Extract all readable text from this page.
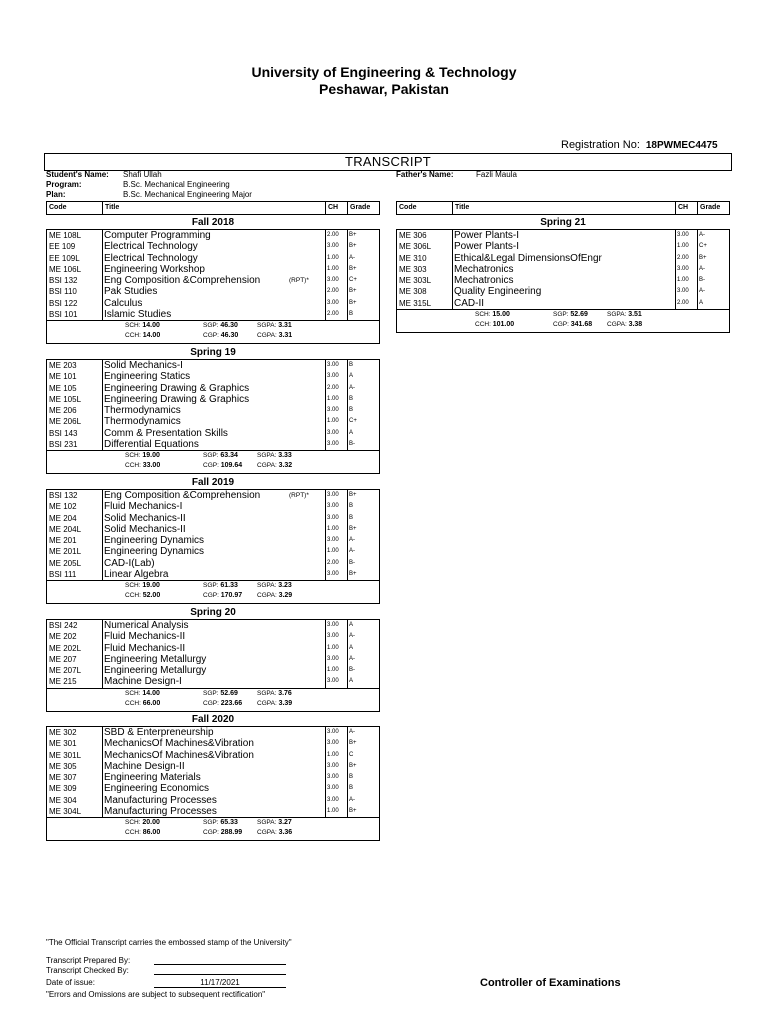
University of Engineering & Technology
Peshawar, Pakistan
Registration No: 18PWMEC4475
TRANSCRIPT
Student's Name: Shafi Ullah
Program:	B.Sc. Mechanical Engineering
Plan:	B.Sc. Mechanical Engineering Major
Father's Name:	Fazli Maula
Code	Title	CH	Grade	Code	Title	CH	Grade
Fall 2018
ME 108L Computer Programming	2.00 B+
EE 109	Electrical Technology	3.00 B+
EE 109L Electrical Technology	1.00 A-
ME 106L Engineering Workshop	1.00 B+
BSI 132	Eng Composition &Comprehension	(RPT)*	3.00 C+
BSI 110	Pak Studies	2.00 B+
BSI 122	Calculus	3.00 B+
BSI 101	Islamic Studies	2.00 B
SCH: 14.00	SGP: 46.30	SGPA: 3.31
CCH: 14.00	CGP: 46.30	CGPA: 3.31
Spring 19
ME 203	Solid Mechanics-I	3.00 B
ME 101	Engineering Statics	3.00 A
ME 105	Engineering Drawing & Graphics	2.00 A-
ME 105L Engineering Drawing & Graphics	1.00 B
ME 206	Thermodynamics	3.00 B
ME 206L Thermodynamics	1.00 C+
BSI 143	Comm & Presentation Skills	3.00 A
BSI 231	Differential Equations	3.00 B-
SCH: 19.00	SGP: 63.34	SGPA: 3.33
CCH: 33.00	CGP: 109.64 CGPA: 3.32
Fall 2019
BSI 132	Eng Composition &Comprehension	(RPT)*	3.00 B+
ME 102	Fluid Mechanics-I	3.00 B
ME 204	Solid Mechanics-II	3.00 B
ME 204L Solid Mechanics-II	1.00 B+
ME 201	Engineering Dynamics	3.00 A-
ME 201L Engineering Dynamics	1.00 A-
ME 205L CAD-I(Lab)	2.00 B-
BSI 111	Linear Algebra	3.00 B+
SCH: 19.00	SGP: 61.33	SGPA: 3.23
CCH: 52.00	CGP: 170.97 CGPA: 3.29
Spring 20
BSI 242	Numerical Analysis	3.00 A
ME 202	Fluid Mechanics-II	3.00 A-
ME 202L Fluid Mechanics-II	1.00 A
ME 207	Engineering Metallurgy	3.00 A-
ME 207L Engineering Metallurgy	1.00 B-
ME 215	Machine Design-I	3.00 A
SCH: 14.00	SGP: 52.69	SGPA: 3.76
CCH: 66.00	CGP: 223.66 CGPA: 3.39
Fall 2020
ME 302	SBD & Enterpreneurship	3.00 A-
ME 301	MechanicsOf Machines&Vibration	3.00 B+
ME 301L MechanicsOf Machines&Vibration	1.00 C
ME 305	Machine Design-II	3.00 B+
ME 307	Engineering Materials	3.00 B
ME 309	Engineering Economics	3.00 B
ME 304	Manufacturing Processes	3.00 A-
ME 304L Manufacturing Processes	1.00 B+
SCH: 20.00	SGP: 65.33	SGPA: 3.27
CCH: 86.00	CGP: 288.99 CGPA: 3.36
Spring 21
ME 306	Power Plants-I	3.00 A-
ME 306L Power Plants-I	1.00 C+
ME 310	Ethical&Legal DimensionsOfEngr	2.00 B+
ME 303	Mechatronics	3.00 A-
ME 303L Mechatronics	1.00 B-
ME 308	Quality Engineering	3.00 A-
ME 315L CAD-II	2.00 A
SCH: 15.00	SGP: 52.69	SGPA: 3.51
CCH: 101.00	CGP: 341.68 CGPA: 3.38
"The Official Transcript carries the embossed stamp of the University"
Transcript Prepared By:
Transcript Checked By:
Date of issue:	11/17/2021
"Errors and Omissions are subject to subsequent rectification"
Controller of Examinations
